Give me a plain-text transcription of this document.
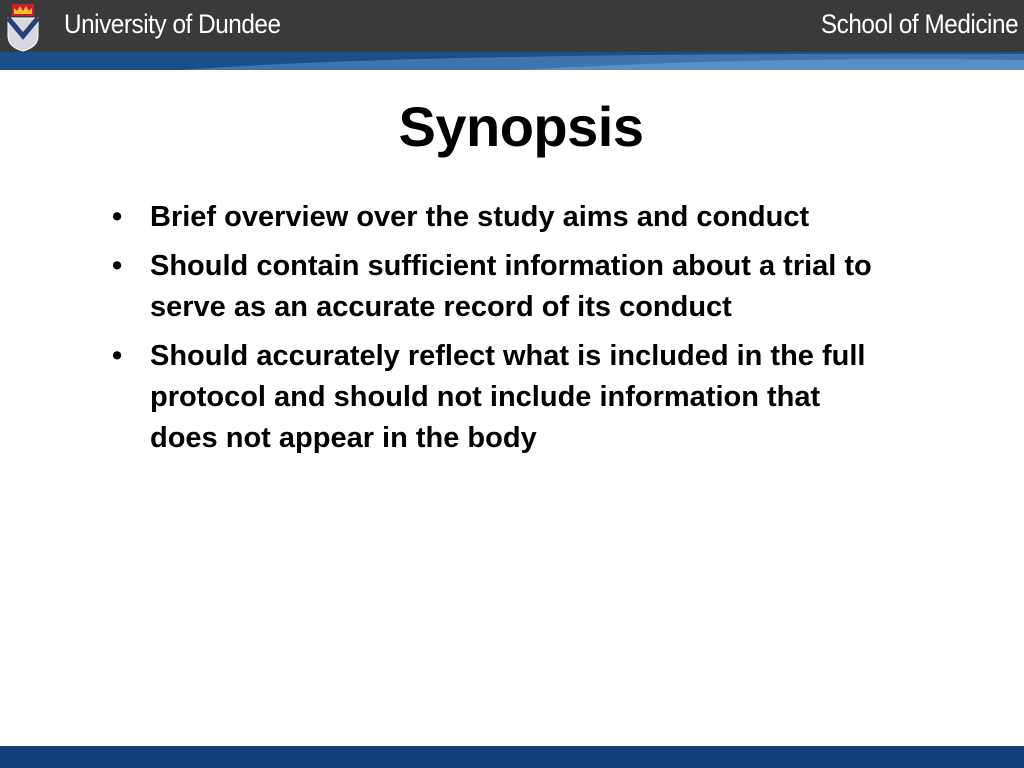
University of Dundee	School of Medicine
Synopsis
• Brief overview over the study aims and conduct
• Should contain sufficient information about a trial to serve as an accurate record of its conduct
• Should accurately reflect what is included in the full protocol and should not include information that does not appear in the body
